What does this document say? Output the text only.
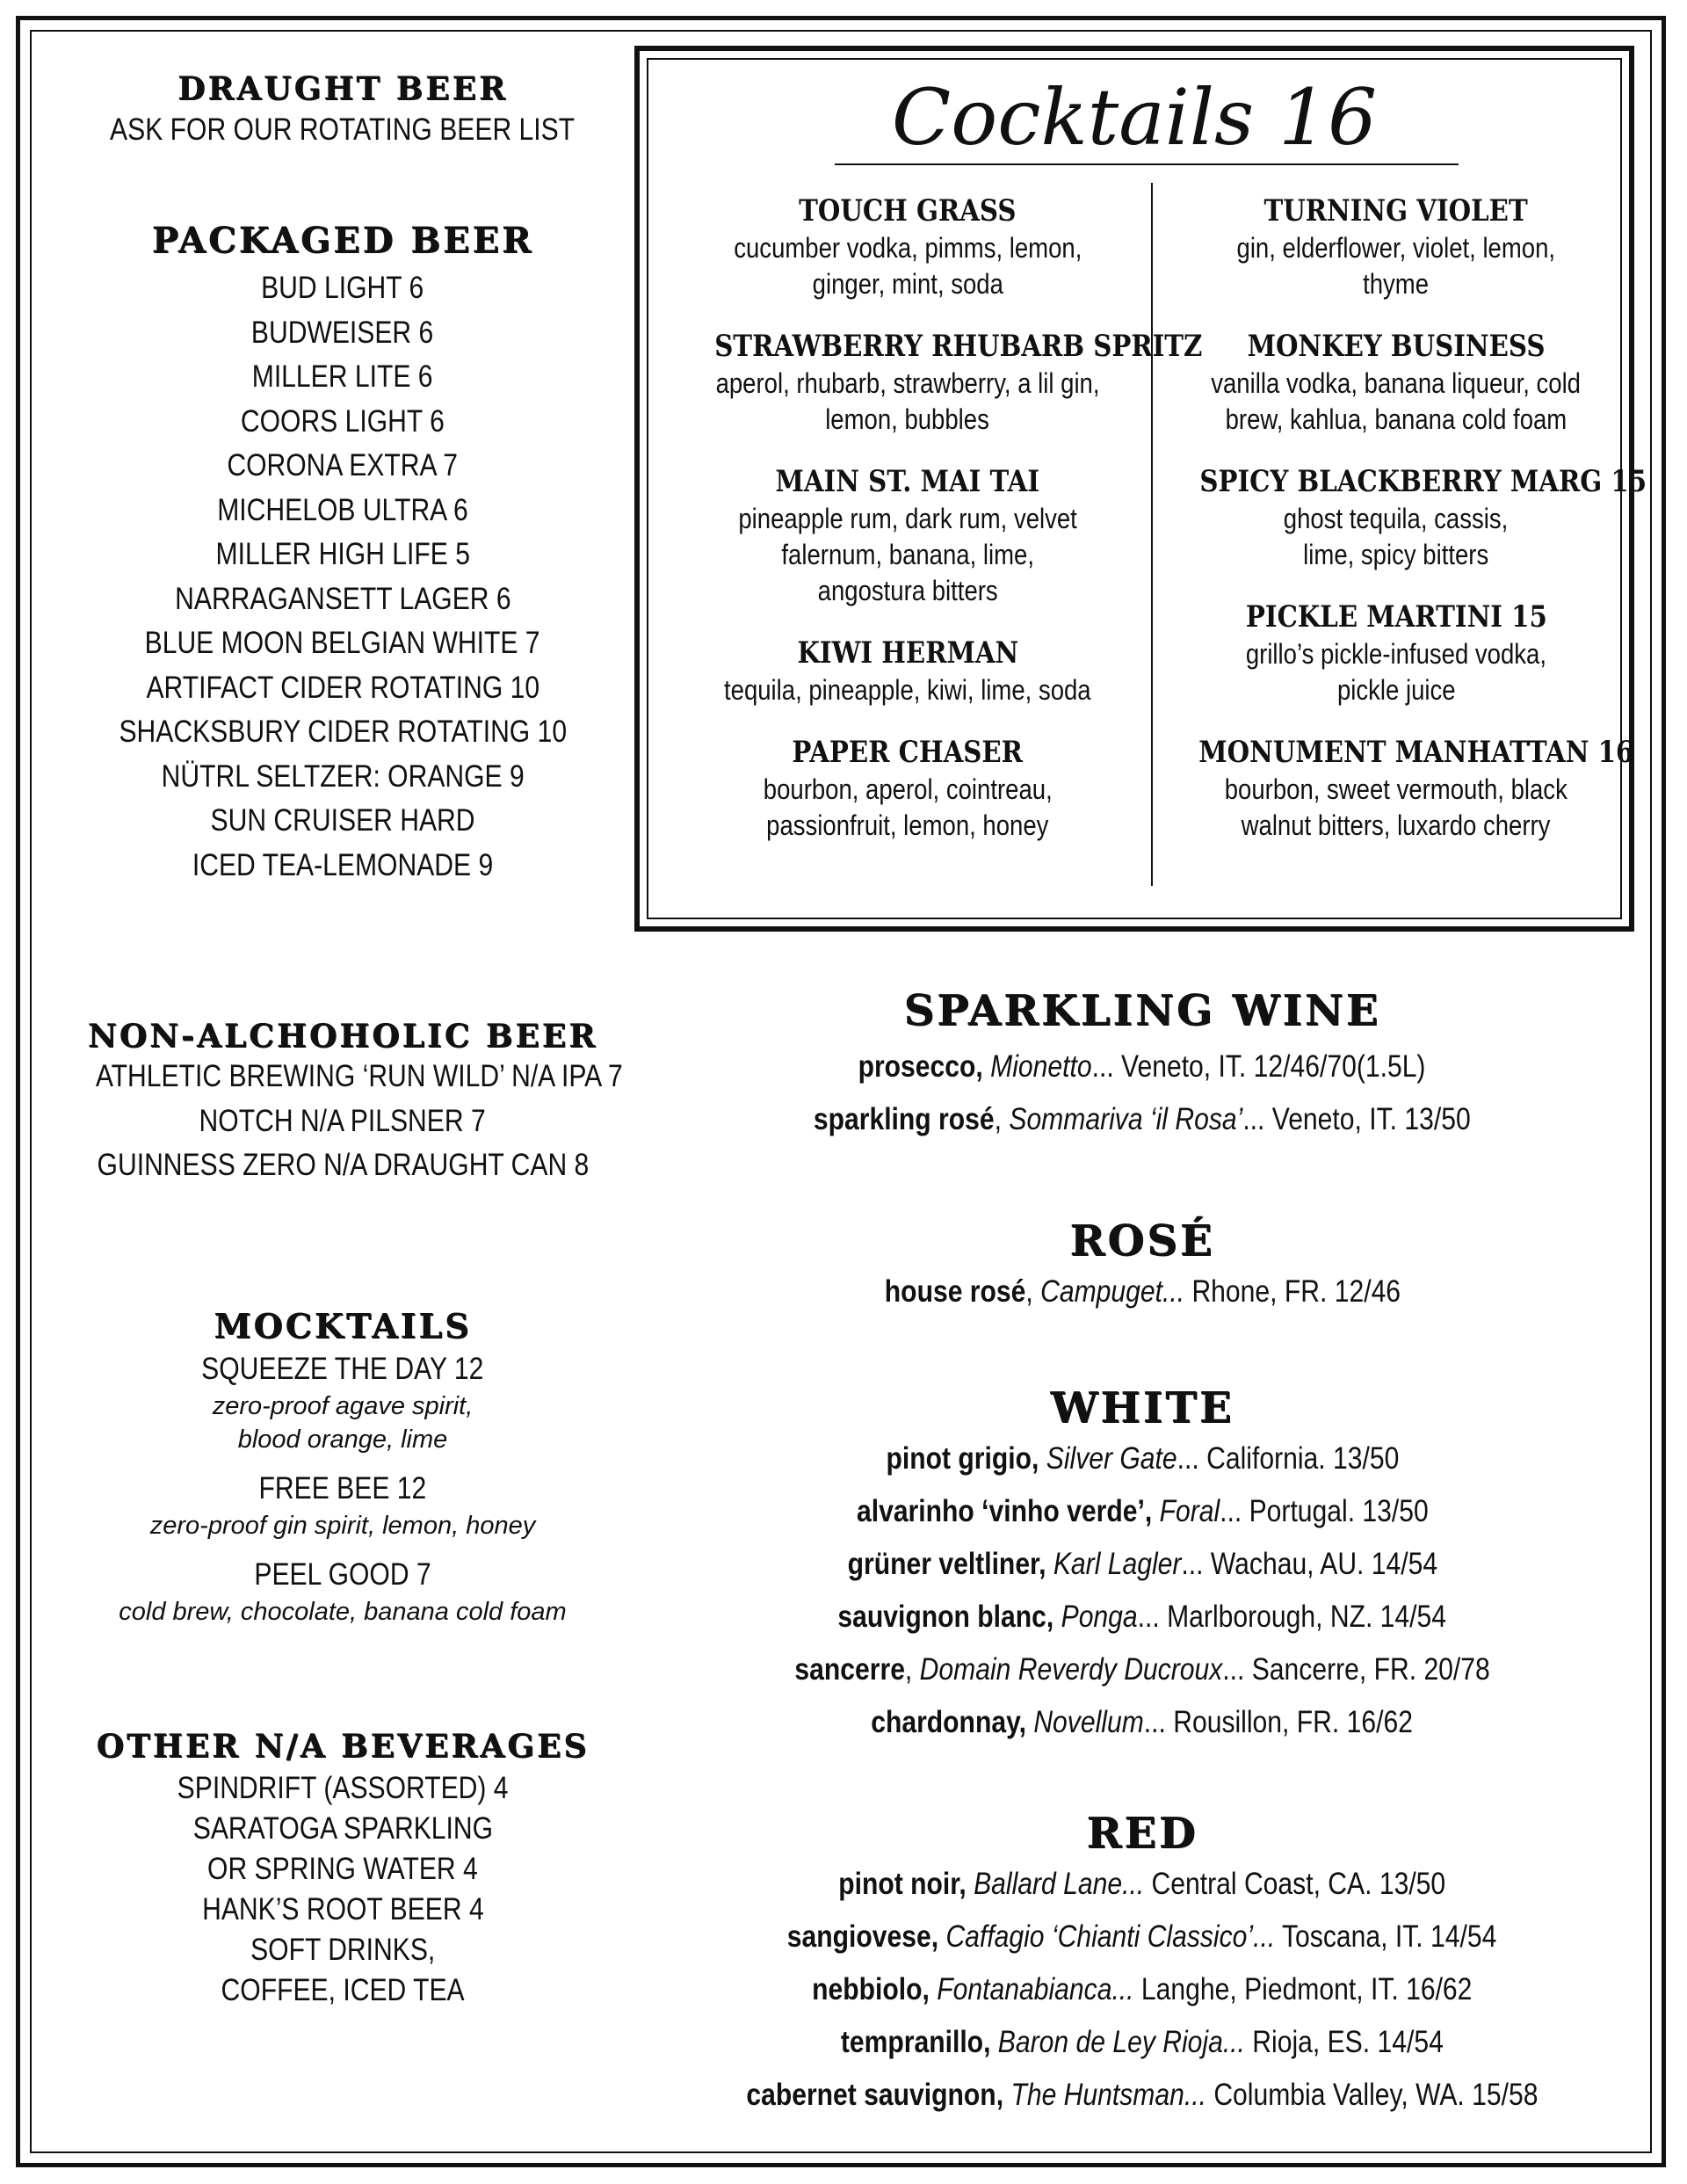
DRAUGHT BEER

ASK FOR OUR ROTATING BEER LIST

PACKAGED BEER

BUD LIGHT 6

BUDWEISER 6

MILLER LITE 6

COORS LIGHT 6

CORONA EXTRA 7

MICHELOB ULTRA 6

MILLER HIGH LIFE 5

NARRAGANSETT LAGER 6

BLUE MOON BELGIAN WHITE 7

ARTIFACT CIDER ROTATING 10

SHACKSBURY CIDER ROTATING 10

NÜTRL SELTZER: ORANGE 9

SUN CRUISER HARD

ICED TEA-LEMONADE 9

NON-ALCHOHOLIC BEER

ATHLETIC BREWING ‘RUN WILD’ N/A IPA 7

NOTCH N/A PILSNER 7

GUINNESS ZERO N/A DRAUGHT CAN 8

MOCKTAILS

SQUEEZE THE DAY 12

zero-proof agave spirit,

blood orange, lime

FREE BEE 12

zero-proof gin spirit, lemon, honey

PEEL GOOD 7

cold brew, chocolate, banana cold foam

OTHER N/A BEVERAGES

SPINDRIFT (ASSORTED) 4

SARATOGA SPARKLING

OR SPRING WATER 4

HANK’S ROOT BEER 4

SOFT DRINKS,

COFFEE, ICED TEA

Cocktails 16

TOUCH GRASS

cucumber vodka, pimms, lemon,

ginger, mint, soda

STRAWBERRY RHUBARB SPRITZ

aperol, rhubarb, strawberry, a lil gin,

lemon, bubbles

MAIN ST. MAI TAI

pineapple rum, dark rum, velvet

falernum, banana, lime,

angostura bitters

KIWI HERMAN

tequila, pineapple, kiwi, lime, soda

PAPER CHASER

bourbon, aperol, cointreau,

passionfruit, lemon, honey

TURNING VIOLET

gin, elderflower, violet, lemon,

thyme

MONKEY BUSINESS

vanilla vodka, banana liqueur, cold

brew, kahlua, banana cold foam

SPICY BLACKBERRY MARG 15

ghost tequila, cassis,

lime, spicy bitters

PICKLE MARTINI 15

grillo’s pickle-infused vodka,

pickle juice

MONUMENT MANHATTAN 16

bourbon, sweet vermouth, black

walnut bitters, luxardo cherry

SPARKLING WINE

prosecco, Mionetto... Veneto, IT. 12/46/70(1.5L)

sparkling rosé, Sommariva ‘il Rosa’... Veneto, IT. 13/50

ROSÉ

house rosé, Campuget... Rhone, FR. 12/46

WHITE

pinot grigio, Silver Gate... California. 13/50

alvarinho ‘vinho verde’, Foral... Portugal. 13/50

grüner veltliner, Karl Lagler... Wachau, AU. 14/54

sauvignon blanc, Ponga... Marlborough, NZ. 14/54

sancerre, Domain Reverdy Ducroux... Sancerre, FR. 20/78

chardonnay, Novellum... Rousillon, FR. 16/62

RED

pinot noir, Ballard Lane... Central Coast, CA. 13/50

sangiovese, Caffagio ‘Chianti Classico’... Toscana, IT. 14/54

nebbiolo, Fontanabianca... Langhe, Piedmont, IT. 16/62

tempranillo, Baron de Ley Rioja... Rioja, ES. 14/54

cabernet sauvignon, The Huntsman... Columbia Valley, WA. 15/58
